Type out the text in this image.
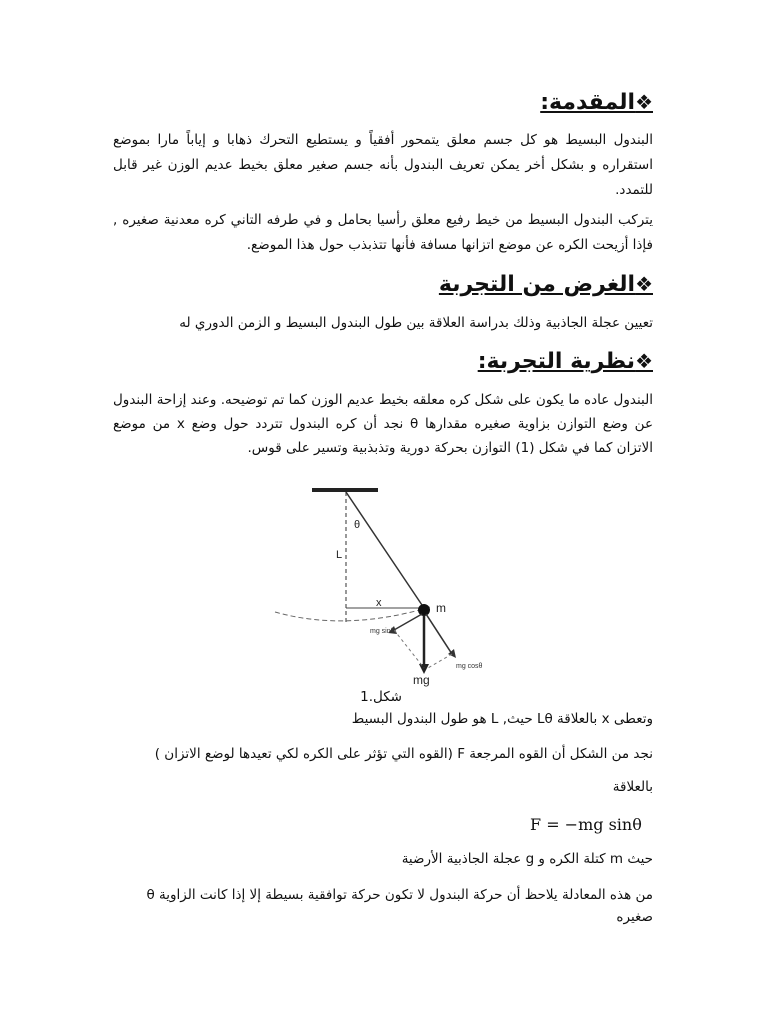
❖المقدمة:
البندول البسيط هو كل جسم معلق يتمحور أفقياً و يستطيع التحرك ذهابا و إياباً مارا بموضع استقراره و بشكل أخر يمكن تعريف البندول بأنه جسم صغير معلق بخيط عديم الوزن غير قابل للتمدد.
يتركب البندول البسيط من خيط رفيع معلق رأسيا بحامل و في طرفه التاني كره معدنية صغيره , فإذا أزيحت الكره عن موضع اتزانها مسافة فأنها تتذبذب حول هذا الموضع.
❖الغرض من التجربة
تعيين عجلة الجاذبية وذلك بدراسة العلاقة بين طول البندول البسيط و الزمن الدوري له
❖نظرية التجربة:
البندول عاده ما يكون على شكل كره معلقه بخيط عديم الوزن كما تم توضيحه. وعند إزاحة البندول عن وضع التوازن بزاوية صغيره مقدارها θ نجد أن كره البندول تتردد حول وضع x من موضع الاتزان كما في شكل (1) التوازن بحركة دورية وتذبذبية وتسير على قوس.
θ
L
x	m
mg sinθ
mg cosθ
mg
شكل.1
وتعطى x بالعلاقة Lθ حيث, L هو طول البندول البسيط
نجد من الشكل أن القوه المرجعة F (القوه التي تؤثر على الكره لكي تعيدها لوضع الاتزان )
بالعلاقة
F = −mg sinθ
حيث m كتلة الكره و g عجلة الجاذبية الأرضية
من هذه المعادلة يلاحظ أن حركة البندول لا تكون حركة توافقية بسيطة إلا إذا كانت الزاوية θ
صغيره
